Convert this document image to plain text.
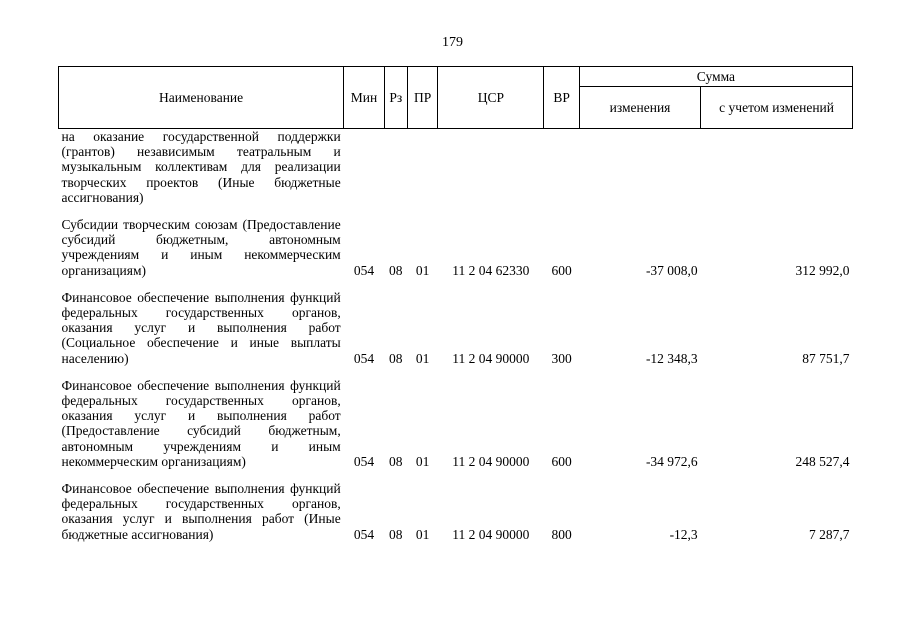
179
Наименование	Мин	Рз	ПР	ЦСР	ВР	Сумма	
						изменения	с учетом изменений
на оказание государственной поддержки (грантов) независимым театральным и музыкальным коллективам для реализации творческих проектов (Иные бюджетные ассигнования)							
Субсидии творческим союзам (Предоставление субсидий бюджетным, автономным учреждениям и иным некоммерческим организациям)	054	08	01	11 2 04 62330	600	-37 008,0	312 992,0
Финансовое обеспечение выполнения функций федеральных государственных органов, оказания услуг и выполнения работ (Социальное обеспечение и иные выплаты населению)	054	08	01	11 2 04 90000	300	-12 348,3	87 751,7
Финансовое обеспечение выполнения функций федеральных государственных органов, оказания услуг и выполнения работ (Предоставление субсидий бюджетным, автономным учреждениям и иным некоммерческим организациям)	054	08	01	11 2 04 90000	600	-34 972,6	248 527,4
Финансовое обеспечение выполнения функций федеральных государственных органов, оказания услуг и выполнения работ (Иные бюджетные ассигнования)	054	08	01	11 2 04 90000	800	-12,3	7 287,7
